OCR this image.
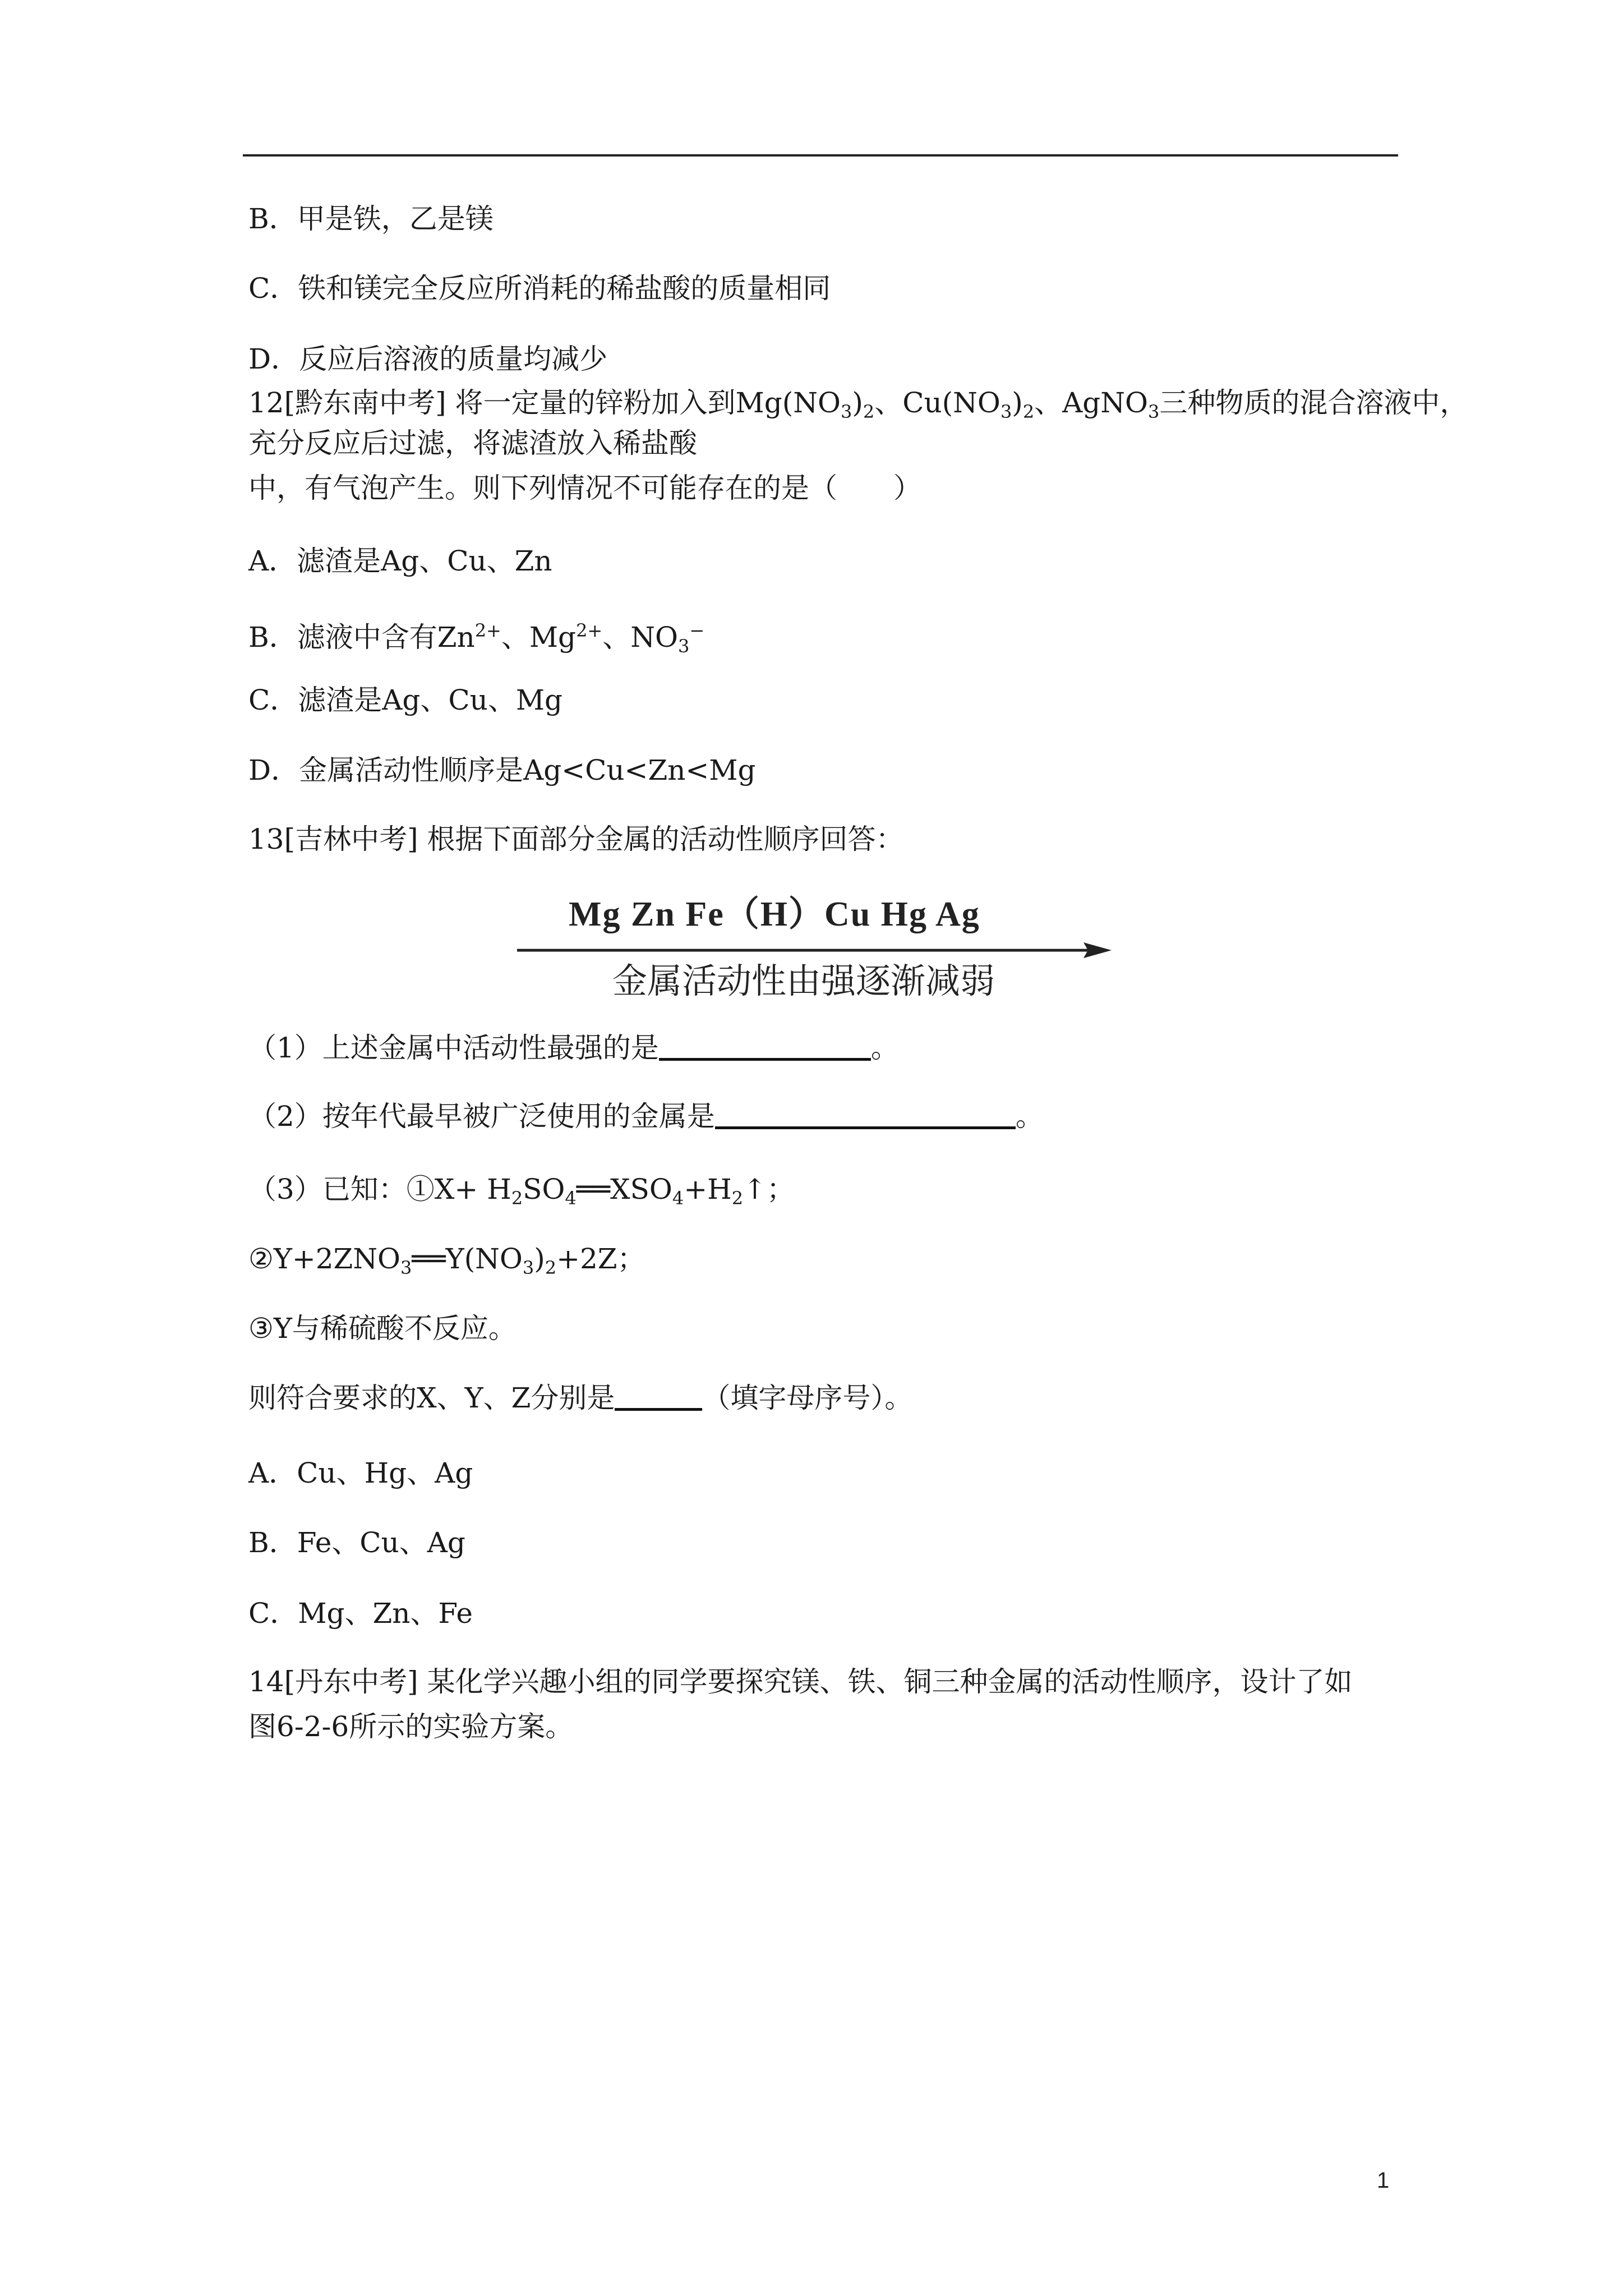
B．甲是铁，乙是镁
C．铁和镁完全反应所消耗的稀盐酸的质量相同
D．反应后溶液的质量均减少
12[黔东南中考] 将一定量的锌粉加入到$Mg(NO_3)_2$、$Cu(NO_3)_2$、AgNO$_3$三种物质的混合溶液中，
充分反应后过滤，将滤渣放入稀盐酸
中，有气泡产生。则下列情况不可能存在的是（　　）
A．滤渣是Ag、Cu、Zn
B．滤液中含有$Zn^{2+}$、$Mg^{2+}$、$NO_3^-$
C．滤渣是Ag、Cu、Mg
D．金属活动性顺序是Ag<Cu<Zn<Mg
13[吉林中考] 根据下面部分金属的活动性顺序回答：
Mg Zn Fe（H）Cu Hg Ag
金属活动性由强逐渐减弱
（1）上述金属中活动性最强的是	。
（2）按年代最早被广泛使用的金属是	。
（3）已知：①X+ $H_2SO_4══XSO_4+H_2↑$；
$②Y+2ZNO_3══Y(NO_3)_2+2Z$；
③Y与稀硫酸不反应。
则符合要求的X、Y、Z分别是	（填字母序号）。
A．Cu、Hg、Ag
B．Fe、Cu、Ag
C．Mg、Zn、Fe
14[丹东中考] 某化学兴趣小组的同学要探究镁、铁、铜三种金属的活动性顺序，设计了如
图6-2-6所示的实验方案。
1
